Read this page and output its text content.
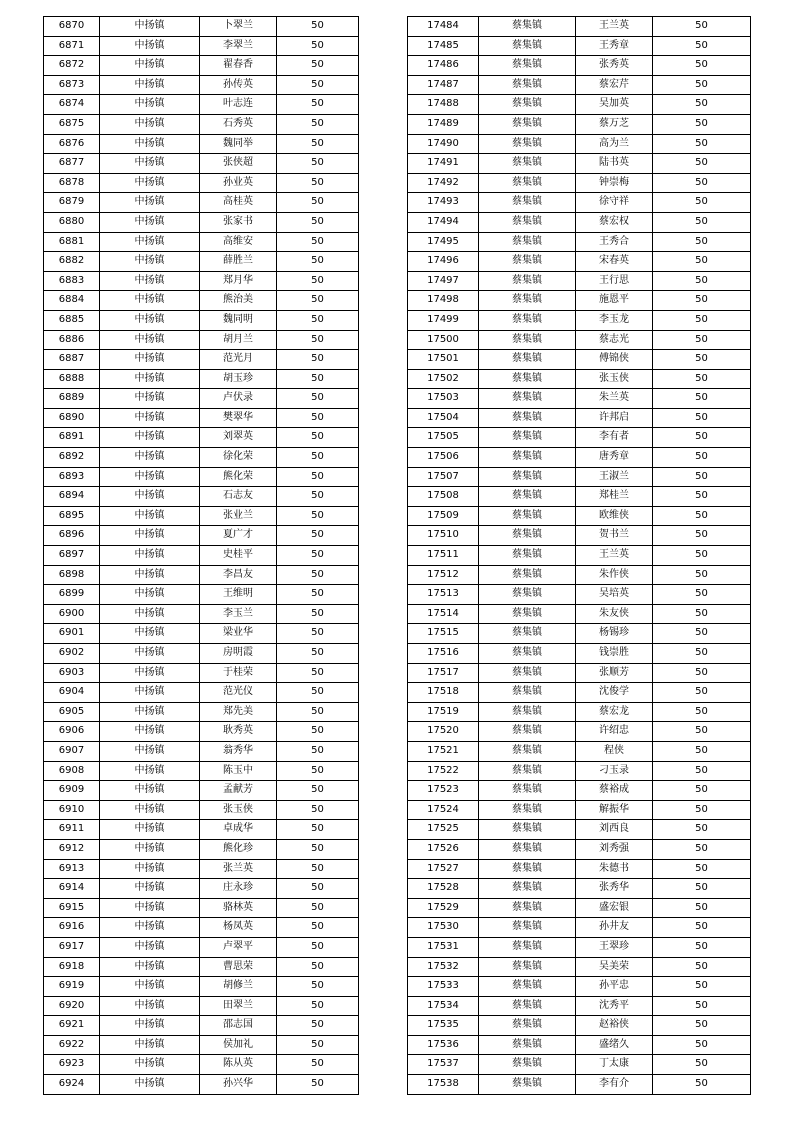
6870	中扬镇	卜翠兰	50
6871	中扬镇	李翠兰	50
6872	中扬镇	翟春香	50
6873	中扬镇	孙传英	50
6874	中扬镇	叶志连	50
6875	中扬镇	石秀英	50
6876	中扬镇	魏同举	50
6877	中扬镇	张侠超	50
6878	中扬镇	孙业英	50
6879	中扬镇	高桂英	50
6880	中扬镇	张家书	50
6881	中扬镇	高维安	50
6882	中扬镇	薛胜兰	50
6883	中扬镇	郑月华	50
6884	中扬镇	熊治美	50
6885	中扬镇	魏同明	50
6886	中扬镇	胡月兰	50
6887	中扬镇	范光月	50
6888	中扬镇	胡玉珍	50
6889	中扬镇	卢伏录	50
6890	中扬镇	樊翠华	50
6891	中扬镇	刘翠英	50
6892	中扬镇	徐化荣	50
6893	中扬镇	熊化荣	50
6894	中扬镇	石志友	50
6895	中扬镇	张业兰	50
6896	中扬镇	夏广才	50
6897	中扬镇	史桂平	50
6898	中扬镇	李昌友	50
6899	中扬镇	王维明	50
6900	中扬镇	李玉兰	50
6901	中扬镇	梁业华	50
6902	中扬镇	房明霞	50
6903	中扬镇	于桂荣	50
6904	中扬镇	范光仪	50
6905	中扬镇	郑先美	50
6906	中扬镇	耿秀英	50
6907	中扬镇	翁秀华	50
6908	中扬镇	陈玉中	50
6909	中扬镇	孟献芳	50
6910	中扬镇	张玉侠	50
6911	中扬镇	卓成华	50
6912	中扬镇	熊化珍	50
6913	中扬镇	张兰英	50
6914	中扬镇	庄永珍	50
6915	中扬镇	骆林英	50
6916	中扬镇	杨凤英	50
6917	中扬镇	卢翠平	50
6918	中扬镇	曹思荣	50
6919	中扬镇	胡修兰	50
6920	中扬镇	田翠兰	50
6921	中扬镇	邵志国	50
6922	中扬镇	侯加礼	50
6923	中扬镇	陈从英	50
6924	中扬镇	孙兴华	50
17484	蔡集镇	王兰英	50
17485	蔡集镇	王秀章	50
17486	蔡集镇	张秀英	50
17487	蔡集镇	蔡宏芹	50
17488	蔡集镇	吴加英	50
17489	蔡集镇	蔡万芝	50
17490	蔡集镇	高为兰	50
17491	蔡集镇	陆书英	50
17492	蔡集镇	钟崇梅	50
17493	蔡集镇	徐守祥	50
17494	蔡集镇	蔡宏权	50
17495	蔡集镇	王秀合	50
17496	蔡集镇	宋春英	50
17497	蔡集镇	王行思	50
17498	蔡集镇	施恩平	50
17499	蔡集镇	李玉龙	50
17500	蔡集镇	蔡志光	50
17501	蔡集镇	傅锦侠	50
17502	蔡集镇	张玉侠	50
17503	蔡集镇	朱兰英	50
17504	蔡集镇	许邦启	50
17505	蔡集镇	李有者	50
17506	蔡集镇	唐秀章	50
17507	蔡集镇	王淑兰	50
17508	蔡集镇	郑桂兰	50
17509	蔡集镇	欧维侠	50
17510	蔡集镇	贺书兰	50
17511	蔡集镇	王兰英	50
17512	蔡集镇	朱作侠	50
17513	蔡集镇	吴培英	50
17514	蔡集镇	朱友侠	50
17515	蔡集镇	杨锡珍	50
17516	蔡集镇	钱崇胜	50
17517	蔡集镇	张顺芳	50
17518	蔡集镇	沈俊学	50
17519	蔡集镇	蔡宏龙	50
17520	蔡集镇	许绍忠	50
17521	蔡集镇	程侠	50
17522	蔡集镇	刁玉录	50
17523	蔡集镇	蔡裕成	50
17524	蔡集镇	解振华	50
17525	蔡集镇	刘西良	50
17526	蔡集镇	刘秀强	50
17527	蔡集镇	朱德书	50
17528	蔡集镇	张秀华	50
17529	蔡集镇	盛宏银	50
17530	蔡集镇	孙井友	50
17531	蔡集镇	王翠珍	50
17532	蔡集镇	吴美荣	50
17533	蔡集镇	孙平忠	50
17534	蔡集镇	沈秀平	50
17535	蔡集镇	赵裕侠	50
17536	蔡集镇	盛绪久	50
17537	蔡集镇	丁太康	50
17538	蔡集镇	李有介	50
